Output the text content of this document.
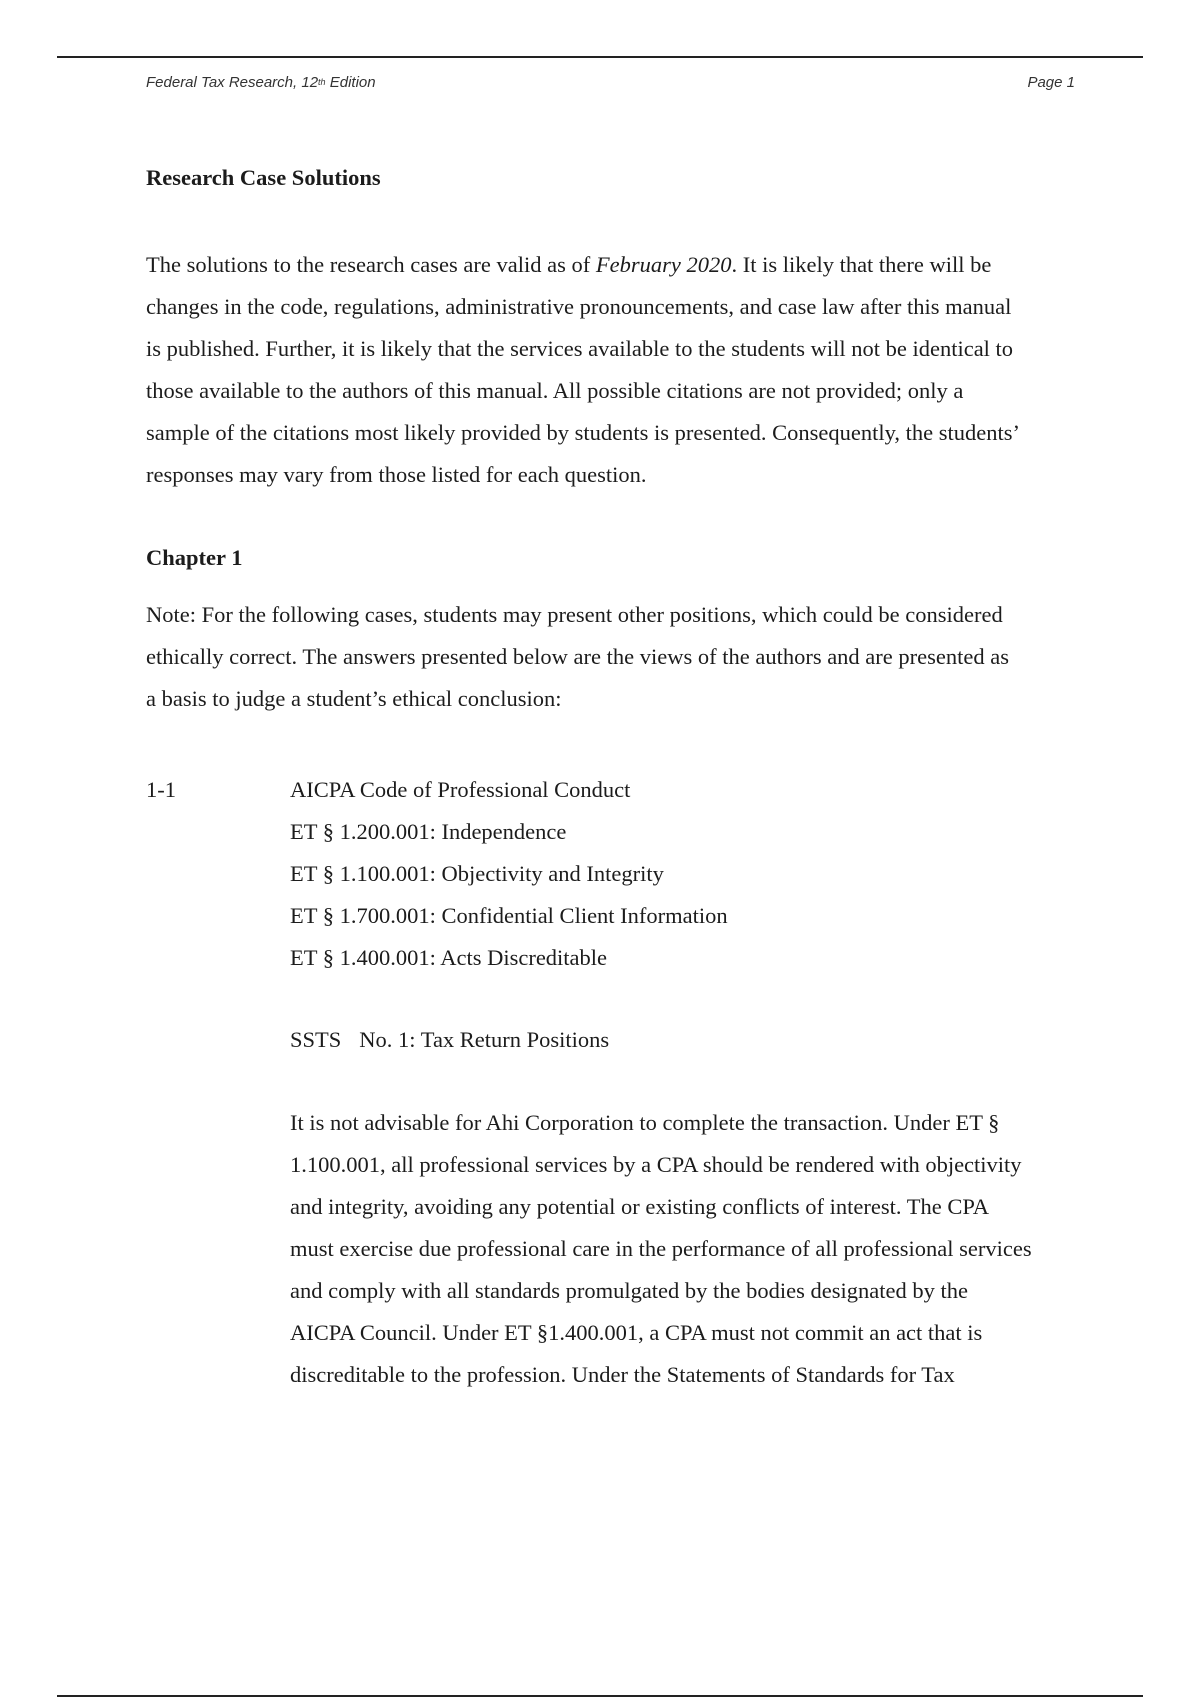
Federal Tax Research, 12th Edition	Page 1
Research Case Solutions

The solutions to the research cases are valid as of February 2020. It is likely that there will be
changes in the code, regulations, administrative pronouncements, and case law after this manual
is published. Further, it is likely that the services available to the students will not be identical to
those available to the authors of this manual. All possible citations are not provided; only a
sample of the citations most likely provided by students is presented. Consequently, the students’
responses may vary from those listed for each question.

Chapter 1

Note: For the following cases, students may present other positions, which could be considered
ethically correct. The answers presented below are the views of the authors and are presented as
a basis to judge a student’s ethical conclusion:

1-1	AICPA Code of Professional Conduct
ET § 1.200.001: Independence
ET § 1.100.001: Objectivity and Integrity
ET § 1.700.001: Confidential Client Information
ET § 1.400.001: Acts Discreditable
SSTS No. 1: Tax Return Positions

It is not advisable for Ahi Corporation to complete the transaction. Under ET §
1.100.001, all professional services by a CPA should be rendered with objectivity
and integrity, avoiding any potential or existing conflicts of interest. The CPA
must exercise due professional care in the performance of all professional services
and comply with all standards promulgated by the bodies designated by the
AICPA Council. Under ET §1.400.001, a CPA must not commit an act that is
discreditable to the profession. Under the Statements of Standards for Tax
